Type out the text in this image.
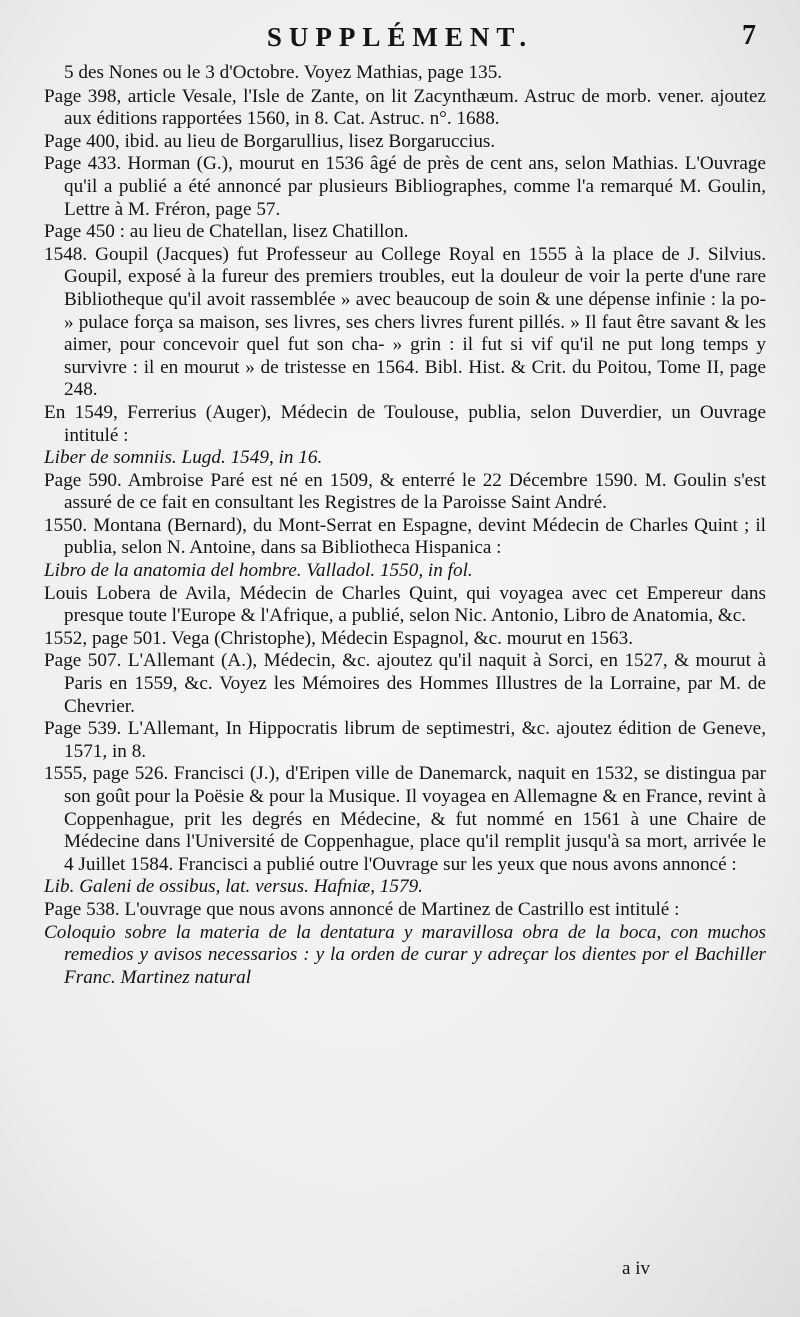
SUPPLÉMENT.	7

5 des Nones ou le 3 d'Octobre. Voyez Mathias, page 135.

Page 398, article Vesale, l'Isle de Zante, on lit Zacynthæum. Astruc de morb. vener. ajoutez aux éditions rapportées 1560, in 8. Cat. Astruc. n°. 1688.

Page 400, ibid. au lieu de Borgarullius, lisez Borgaruccius.

Page 433. Horman (G.), mourut en 1536 âgé de près de cent ans, selon Mathias. L'Ouvrage qu'il a publié a été annoncé par plusieurs Bibliographes, comme l'a remarqué M. Goulin, Lettre à M. Fréron, page 57.

Page 450 : au lieu de Chatellan, lisez Chatillon.

1548. Goupil (Jacques) fut Professeur au College Royal en 1555 à la place de J. Silvius. Goupil, exposé à la fureur des premiers troubles, eut la douleur de voir la perte d'une rare Bibliotheque qu'il avoit rassemblée » avec beaucoup de soin & une dépense infinie : la po- » pulace força sa maison, ses livres, ses chers livres furent pillés. » Il faut être savant & les aimer, pour concevoir quel fut son cha- » grin : il fut si vif qu'il ne put long temps y survivre : il en mourut » de tristesse en 1564. Bibl. Hist. & Crit. du Poitou, Tome II, page 248.

En 1549, Ferrerius (Auger), Médecin de Toulouse, publia, selon Duverdier, un Ouvrage intitulé :

Liber de somniis. Lugd. 1549, in 16.

Page 590. Ambroise Paré est né en 1509, & enterré le 22 Décembre 1590. M. Goulin s'est assuré de ce fait en consultant les Registres de la Paroisse Saint André.

1550. Montana (Bernard), du Mont-Serrat en Espagne, devint Médecin de Charles Quint ; il publia, selon N. Antoine, dans sa Bibliotheca Hispanica :

Libro de la anatomia del hombre. Valladol. 1550, in fol.

Louis Lobera de Avila, Médecin de Charles Quint, qui voyagea avec cet Empereur dans presque toute l'Europe & l'Afrique, a publié, selon Nic. Antonio, Libro de Anatomia, &c.

1552, page 501. Vega (Christophe), Médecin Espagnol, &c. mourut en 1563.

Page 507. L'Allemant (A.), Médecin, &c. ajoutez qu'il naquit à Sorci, en 1527, & mourut à Paris en 1559, &c. Voyez les Mémoires des Hommes Illustres de la Lorraine, par M. de Chevrier.

Page 539. L'Allemant, In Hippocratis librum de septimestri, &c. ajoutez édition de Geneve, 1571, in 8.

1555, page 526. Francisci (J.), d'Eripen ville de Danemarck, naquit en 1532, se distingua par son goût pour la Poësie & pour la Musique. Il voyagea en Allemagne & en France, revint à Coppenhague, prit les degrés en Médecine, & fut nommé en 1561 à une Chaire de Médecine dans l'Université de Coppenhague, place qu'il remplit jusqu'à sa mort, arrivée le 4 Juillet 1584. Francisci a publié outre l'Ouvrage sur les yeux que nous avons annoncé :

Lib. Galeni de ossibus, lat. versus. Hafniæ, 1579.

Page 538. L'ouvrage que nous avons annoncé de Martinez de Castrillo est intitulé :

Coloquio sobre la materia de la dentatura y maravillosa obra de la boca, con muchos remedios y avisos necessarios : y la orden de curar y adreçar los dientes por el Bachiller Franc. Martinez natural

a iv
